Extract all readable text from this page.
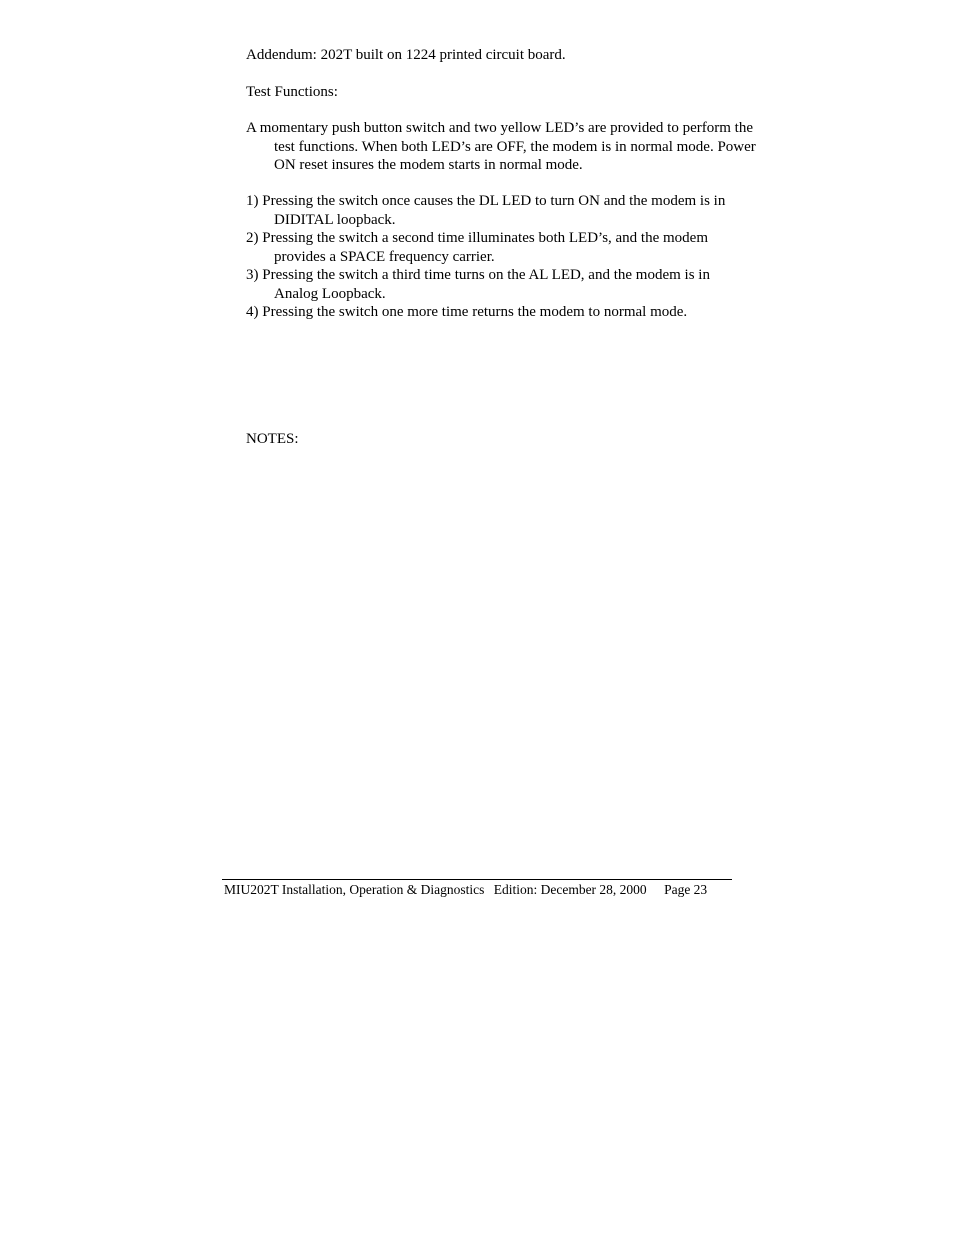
Addendum: 202T built on 1224 printed circuit board.

Test Functions:

A momentary push button switch and two yellow LED’s are provided to perform the test functions. When both LED’s are OFF, the modem is in normal mode. Power ON reset insures the modem starts in normal mode.

1) Pressing the switch once causes the DL LED to turn ON and the modem is in DIDITAL loopback.
2) Pressing the switch a second time illuminates both LED’s, and the modem provides a SPACE frequency carrier.
3) Pressing the switch a third time turns on the AL LED, and the modem is in Analog Loopback.
4) Pressing the switch one more time returns the modem to normal mode.

NOTES:

MIU202T Installation, Operation & Diagnostics Edition: December 28, 2000 Page 23
